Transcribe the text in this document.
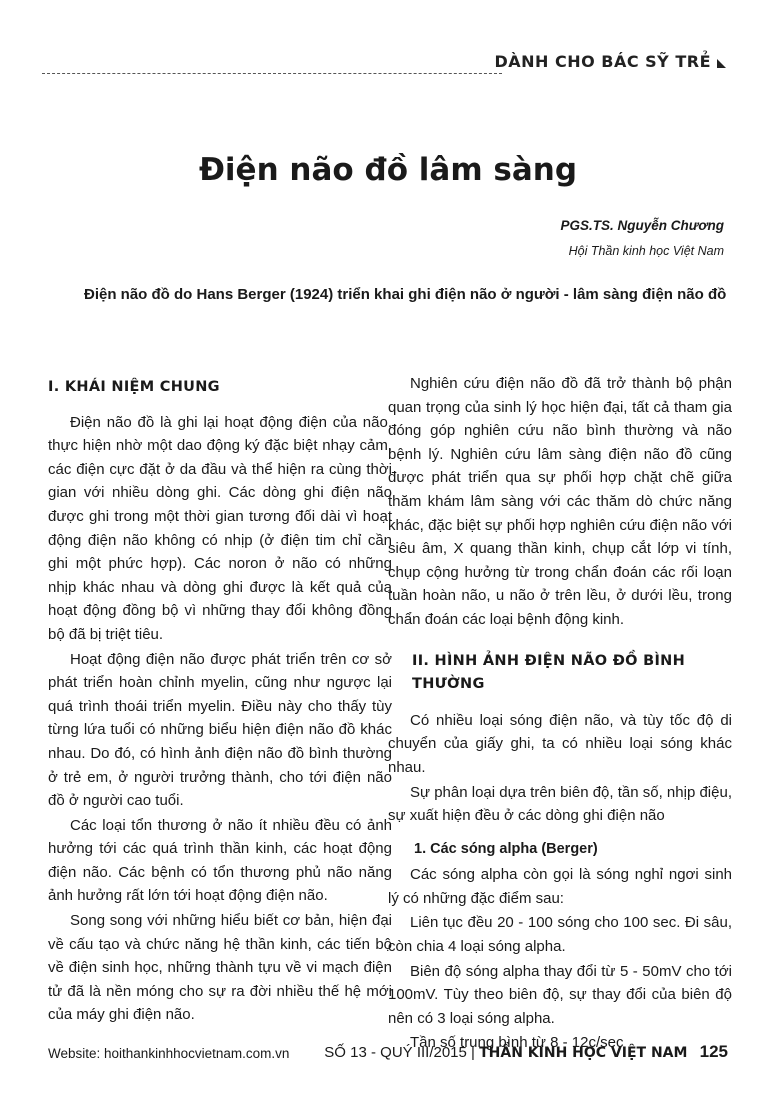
DÀNH CHO BÁC SỸ TRẺ
Điện não đồ lâm sàng
PGS.TS. Nguyễn Chương
Hội Thần kinh học Việt Nam
Điện não đồ do Hans Berger (1924) triển khai ghi điện não ở người - lâm sàng điện não đồ
I. KHÁI NIỆM CHUNG

Điện não đồ là ghi lại hoạt động điện của não, thực hiện nhờ một dao động ký đặc biệt nhạy cảm, các điện cực đặt ở da đầu và thể hiện ra cùng thời gian với nhiều dòng ghi. Các dòng ghi điện não được ghi trong một thời gian tương đối dài vì hoạt động điện não không có nhịp (ở điện tim chỉ cần ghi một phức hợp). Các noron ở não có những nhịp khác nhau và dòng ghi được là kết quả của hoạt động đồng bộ vì những thay đổi không đồng bộ đã bị triệt tiêu.

Hoạt động điện não được phát triển trên cơ sở phát triển hoàn chỉnh myelin, cũng như ngược lại quá trình thoái triển myelin. Điều này cho thấy tùy từng lứa tuổi có những biểu hiện điện não đồ khác nhau. Do đó, có hình ảnh điện não đồ bình thường ở trẻ em, ở người trưởng thành, cho tới điện não đồ ở người cao tuổi.

Các loại tổn thương ở não ít nhiều đều có ảnh hưởng tới các quá trình thần kinh, các hoạt động điện não. Các bệnh có tổn thương phủ não năng ảnh hưởng rất lớn tới hoạt động điện não.

Song song với những hiểu biết cơ bản, hiện đại về cấu tạo và chức năng hệ thần kinh, các tiến bộ về điện sinh học, những thành tựu về vi mạch điện tử đã là nền móng cho sự ra đời nhiều thế hệ mới của máy ghi điện não.

Nghiên cứu điện não đồ đã trở thành bộ phận quan trọng của sinh lý học hiện đại, tất cả tham gia đóng góp nghiên cứu não bình thường và não bệnh lý. Nghiên cứu lâm sàng điện não đồ cũng được phát triển qua sự phối hợp chặt chẽ giữa thăm khám lâm sàng với các thăm dò chức năng khác, đặc biệt sự phối hợp nghiên cứu điện não với siêu âm, X quang thần kinh, chụp cắt lớp vi tính, chụp cộng hưởng từ trong chẩn đoán các rối loạn tuần hoàn não, u não ở trên lều, ở dưới lều, trong chẩn đoán các loại bệnh động kinh.

II. HÌNH ẢNH ĐIỆN NÃO ĐỒ BÌNH THƯỜNG

Có nhiều loại sóng điện não, và tùy tốc độ di chuyển của giấy ghi, ta có nhiều loại sóng khác nhau.

Sự phân loại dựa trên biên độ, tần số, nhịp điệu, sự xuất hiện đều ở các dòng ghi điện não

1. Các sóng alpha (Berger)

Các sóng alpha còn gọi là sóng nghỉ ngơi sinh lý có những đặc điểm sau:

Liên tục đều 20 - 100 sóng cho 100 sec. Đi sâu, còn chia 4 loại sóng alpha.

Biên độ sóng alpha thay đổi từ 5 - 50mV cho tới 100mV. Tùy theo biên độ, sự thay đổi của biên độ nên có 3 loại sóng alpha.

Tần số trung bình từ 8 - 12c/sec

Website: hoithankinhhocvietnam.com.vn SỐ 13 - QUÝ III/2015 | THẦN KINH HỌC VIỆT NAM 125
